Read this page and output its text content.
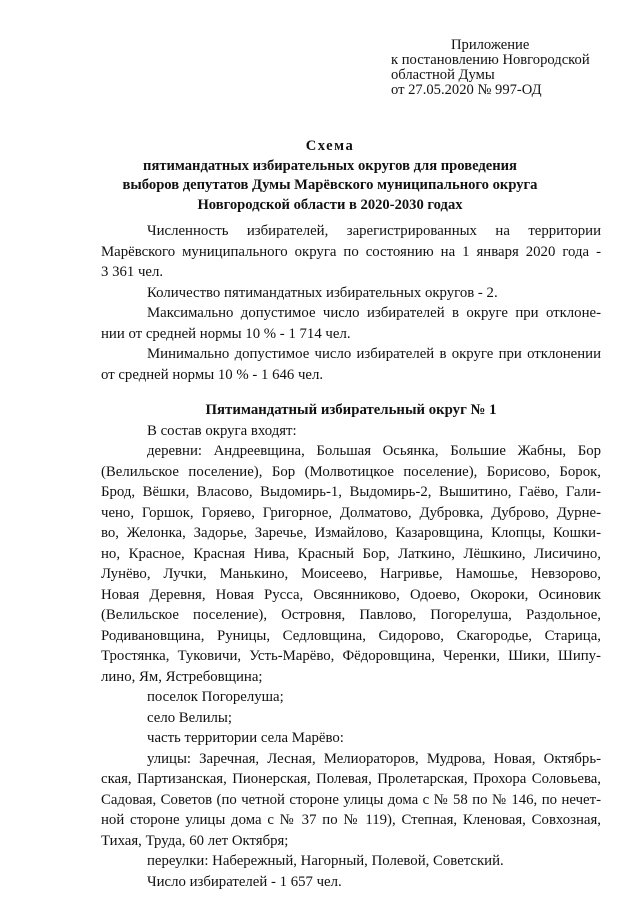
Приложение
к постановлению Новгородской
областной Думы
от 27.05.2020 № 997-ОД
Схема
пятимандатных избирательных округов для проведения
выборов депутатов Думы Марёвского муниципального округа
Новгородской области в 2020-2030 годах
Численность избирателей, зарегистрированных на территории
Марёвского муниципального округа по состоянию на 1 января 2020 года -
3 361 чел.
Количество пятимандатных избирательных округов - 2.
Максимально допустимое число избирателей в округе при отклоне-
нии от средней нормы 10 % - 1 714 чел.
Минимально допустимое число избирателей в округе при отклонении
от средней нормы 10 % - 1 646 чел.
Пятимандатный избирательный округ № 1
В состав округа входят:
деревни: Андреевщина, Большая Осьянка, Большие Жабны, Бор
(Велильское поселение), Бор (Молвотицкое поселение), Борисово, Борок,
Брод, Вёшки, Власово, Выдомирь-1, Выдомирь-2, Вышитино, Гаёво, Гали-
чено, Горшок, Горяево, Григорное, Долматово, Дубровка, Дуброво, Дурне-
во, Желонка, Задорье, Заречье, Измайлово, Казаровщина, Клопцы, Кошки-
но, Красное, Красная Нива, Красный Бор, Латкино, Лёшкино, Лисичино,
Лунёво, Лучки, Манькино, Моисеево, Нагривье, Намошье, Невзорово,
Новая Деревня, Новая Русса, Овсянниково, Одоево, Окороки, Осиновик
(Велильское поселение), Островня, Павлово, Погорелуша, Раздольное,
Родивановщина, Руницы, Седловщина, Сидорово, Скагородье, Старица,
Тростянка, Туковичи, Усть-Марёво, Фёдоровщина, Черенки, Шики, Шипу-
лино, Ям, Ястребовщина;
поселок Погорелуша;
село Велилы;
часть территории села Марёво:
улицы: Заречная, Лесная, Мелиораторов, Мудрова, Новая, Октябрь-
ская, Партизанская, Пионерская, Полевая, Пролетарская, Прохора Соловьева,
Садовая, Советов (по четной стороне улицы дома с № 58 по № 146, по нечет-
ной стороне улицы дома с № 37 по № 119), Степная, Кленовая, Совхозная,
Тихая, Труда, 60 лет Октября;
переулки: Набережный, Нагорный, Полевой, Советский.
Число избирателей - 1 657 чел.
